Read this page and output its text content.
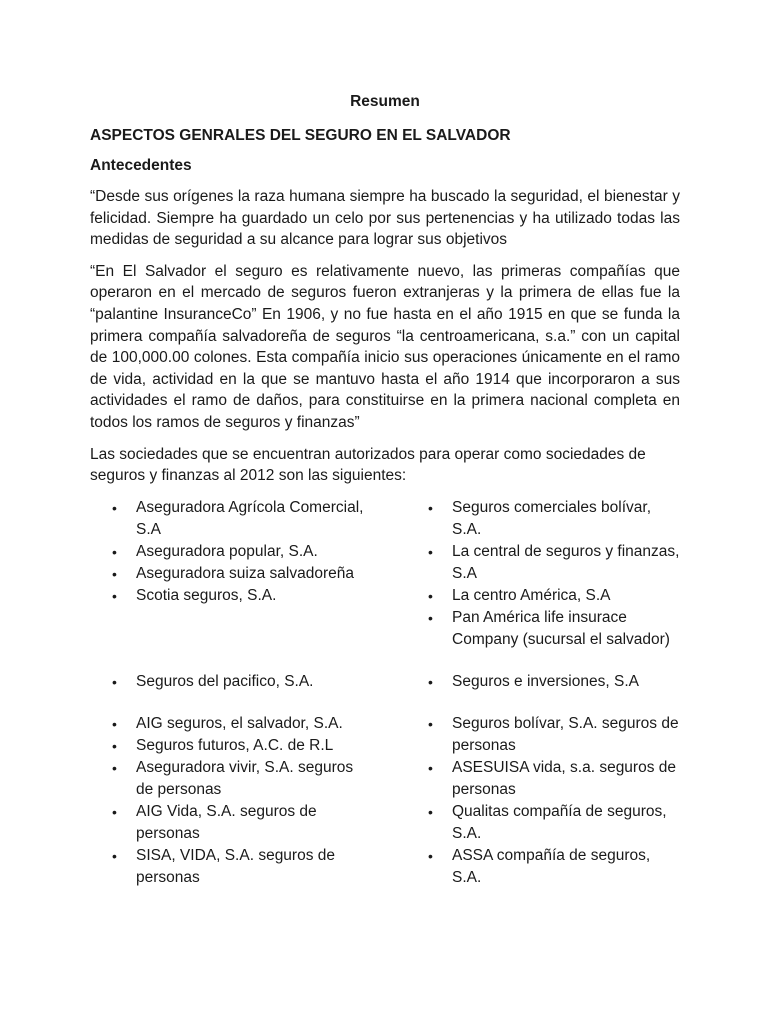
Resumen
ASPECTOS GENRALES DEL SEGURO EN EL SALVADOR
Antecedentes

“Desde sus orígenes la raza humana siempre ha buscado la seguridad, el bienestar y felicidad. Siempre ha guardado un celo por sus pertenencias y ha utilizado todas las medidas de seguridad a su alcance para lograr sus objetivos

“En El Salvador el seguro es relativamente nuevo, las primeras compañías que operaron en el mercado de seguros fueron extranjeras y la primera de ellas fue la “palantine InsuranceCo” En 1906, y no fue hasta en el año 1915 en que se funda la primera compañía salvadoreña de seguros “la centroamericana, s.a.” con un capital de 100,000.00 colones. Esta compañía inicio sus operaciones únicamente en el ramo de vida, actividad en la que se mantuvo hasta el año 1914 que incorporaron a sus actividades el ramo de daños, para constituirse en la primera nacional completa en todos los ramos de seguros y finanzas”

Las sociedades que se encuentran autorizados para operar como sociedades de seguros y finanzas al 2012 son las siguientes:

• Aseguradora Agrícola Comercial, S.A
• Aseguradora popular, S.A.
• Aseguradora suiza salvadoreña
• Scotia seguros, S.A.
• Seguros comerciales bolívar, S.A.
• La central de seguros y finanzas, S.A
• La centro América, S.A
• Pan América life insurace Company (sucursal el salvador)
• Seguros del pacifico, S.A.	• Seguros e inversiones, S.A
• AIG seguros, el salvador, S.A.
• Seguros futuros, A.C. de R.L
• Aseguradora vivir, S.A. seguros de personas
• AIG Vida, S.A. seguros de personas
• SISA, VIDA, S.A. seguros de personas
• Seguros bolívar, S.A. seguros de personas
• ASESUISA vida, s.a. seguros de personas
• Qualitas compañía de seguros, S.A.
• ASSA compañía de seguros, S.A.
